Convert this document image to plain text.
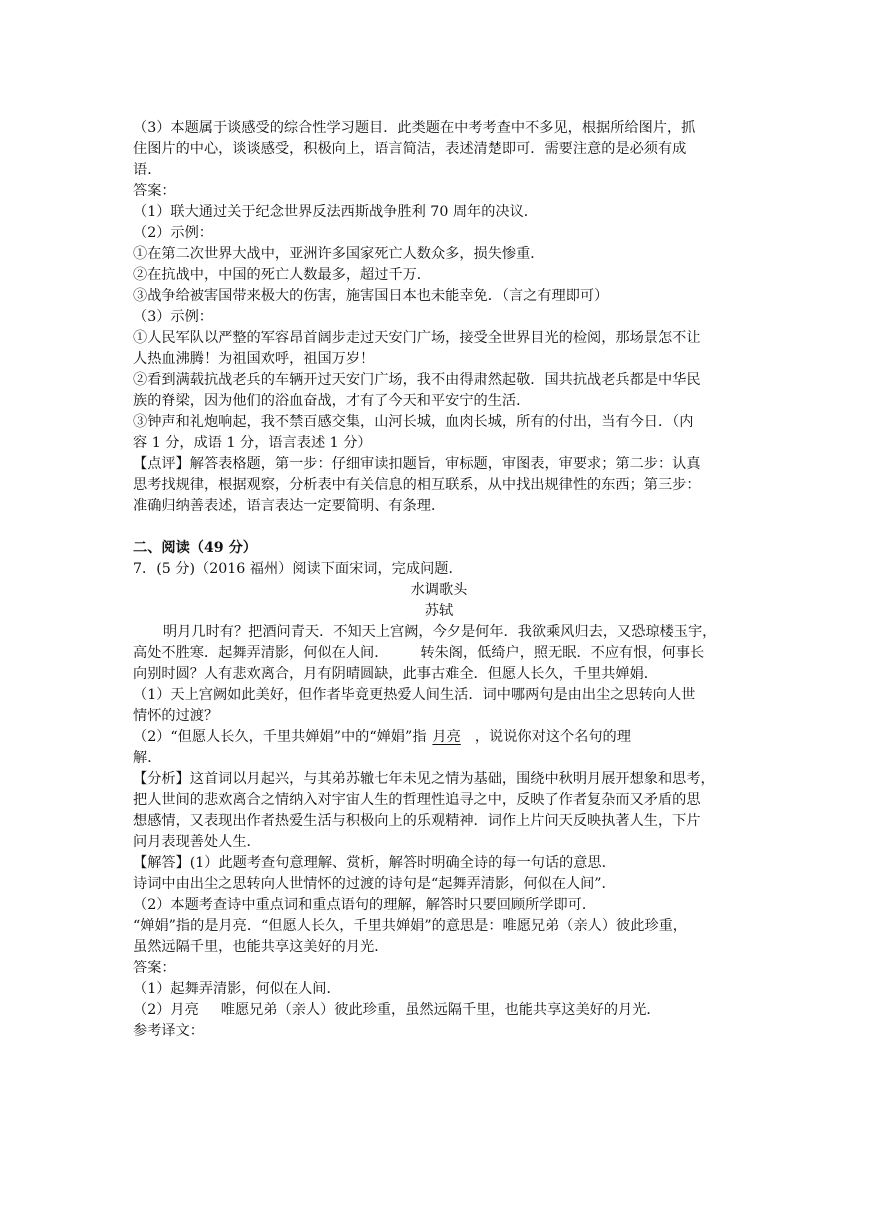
（3）本题属于谈感受的综合性学习题目．此类题在中考考查中不多见，根据所给图片，抓

住图片的中心，谈谈感受，积极向上，语言简洁，表述清楚即可．需要注意的是必须有成

语．

答案：

（1）联大通过关于纪念世界反法西斯战争胜利 70 周年的决议．

（2）示例：

①在第二次世界大战中，亚洲许多国家死亡人数众多，损失惨重．

②在抗战中，中国的死亡人数最多，超过千万．

③战争给被害国带来极大的伤害，施害国日本也未能幸免．（言之有理即可）

（3）示例：

①人民军队以严整的军容昂首阔步走过天安门广场，接受全世界目光的检阅，那场景怎不让

人热血沸腾！为祖国欢呼，祖国万岁！

②看到满载抗战老兵的车辆开过天安门广场，我不由得肃然起敬．国共抗战老兵都是中华民

族的脊梁，因为他们的浴血奋战，才有了今天和平安宁的生活．

③钟声和礼炮响起，我不禁百感交集，山河长城，血肉长城，所有的付出，当有今日．（内

容 1 分，成语 1 分，语言表述 1 分）

【点评】解答表格题，第一步：仔细审读扣题旨，审标题，审图表，审要求；第二步：认真

思考找规律，根据观察，分析表中有关信息的相互联系，从中找出规律性的东西；第三步：

准确归纳善表述，语言表达一定要简明、有条理．

二、阅读（49 分）

7．(5 分)（2016 福州）阅读下面宋词，完成问题．

水调歌头

苏轼

明月几时有？把酒问青天．不知天上宫阙，今夕是何年．我欲乘风归去，又恐琼楼玉宇，

高处不胜寒．起舞弄清影，何似在人间． 转朱阁，低绮户，照无眠．不应有恨，何事长

向别时圆？人有悲欢离合，月有阴晴圆缺，此事古难全．但愿人长久，千里共婵娟．

（1）天上宫阙如此美好，但作者毕竟更热爱人间生活．词中哪两句是由出尘之思转向人世

情怀的过渡？

（2）“但愿人长久，千里共婵娟”中的“婵娟”指 月亮 ，说说你对这个名句的理

解．

【分析】这首词以月起兴，与其弟苏辙七年未见之情为基础，围绕中秋明月展开想象和思考，

把人世间的悲欢离合之情纳入对宇宙人生的哲理性追寻之中，反映了作者复杂而又矛盾的思

想感情，又表现出作者热爱生活与积极向上的乐观精神．词作上片问天反映执著人生，下片

问月表现善处人生．

【解答】(1）此题考查句意理解、赏析，解答时明确全诗的每一句话的意思．

诗词中由出尘之思转向人世情怀的过渡的诗句是“起舞弄清影，何似在人间”．

（2）本题考查诗中重点词和重点语句的理解，解答时只要回顾所学即可．

“婵娟”指的是月亮．“但愿人长久，千里共婵娟”的意思是：唯愿兄弟（亲人）彼此珍重，

虽然远隔千里，也能共享这美好的月光．

答案：

（1）起舞弄清影，何似在人间．

（2）月亮 唯愿兄弟（亲人）彼此珍重，虽然远隔千里，也能共享这美好的月光．

参考译文：
